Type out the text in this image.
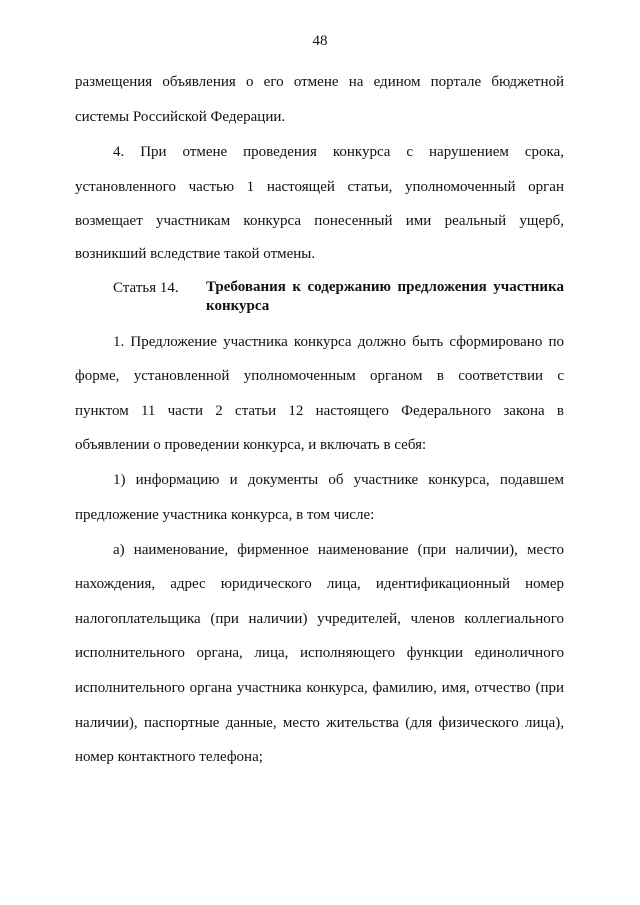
48
размещения объявления о его отмене на едином портале бюджетной
системы Российской Федерации.
4. При отмене проведения конкурса с нарушением срока,
установленного частью 1 настоящей статьи, уполномоченный орган
возмещает участникам конкурса понесенный ими реальный ущерб,
возникший вследствие такой отмены.
Статья 14. Требования к содержанию предложения участника
конкурса
1. Предложение участника конкурса должно быть сформировано по
форме, установленной уполномоченным органом в соответствии с
пунктом 11 части 2 статьи 12 настоящего Федерального закона в
объявлении о проведении конкурса, и включать в себя:
1) информацию и документы об участнике конкурса, подавшем
предложение участника конкурса, в том числе:
а) наименование, фирменное наименование (при наличии), место
нахождения, адрес юридического лица, идентификационный номер
налогоплательщика (при наличии) учредителей, членов коллегиального
исполнительного органа, лица, исполняющего функции единоличного
исполнительного органа участника конкурса, фамилию, имя, отчество (при
наличии), паспортные данные, место жительства (для физического лица),
номер контактного телефона;
